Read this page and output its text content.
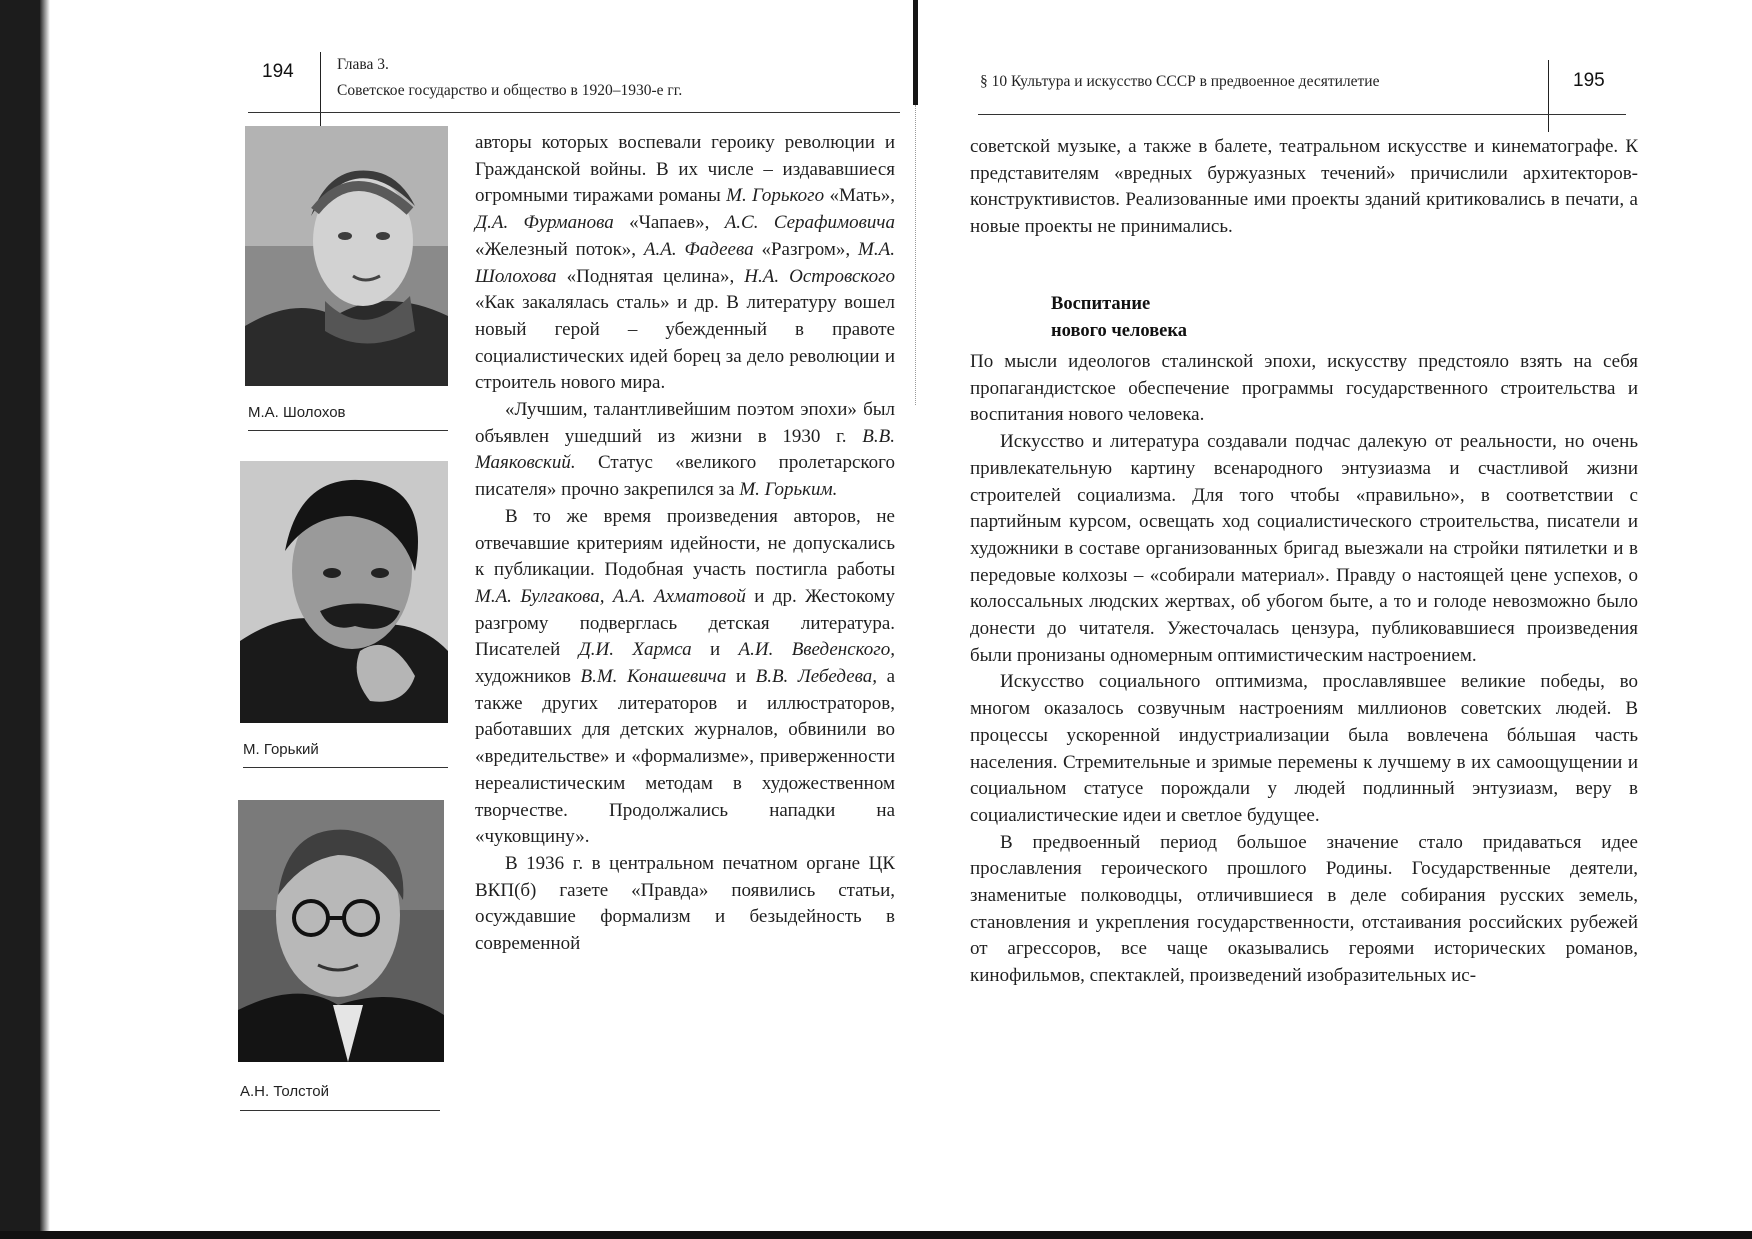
194	Глава 3.
Советское государство и общество в 1920–1930-е гг.
М.А. Шолохов
М. Горький
А.Н. Толстой

авторы которых воспевали героику революции и Гражданской войны. В их числе – издававшиеся огромными тиражами романы М. Горького «Мать», Д.А. Фурманова «Чапаев», А.С. Серафимовича «Железный поток», А.А. Фадеева «Разгром», М.А. Шолохова «Поднятая целина», Н.А. Островского «Как закалялась сталь» и др. В литературу вошел новый герой – убежденный в правоте социалистических идей борец за дело революции и строитель нового мира.

«Лучшим, талантливейшим поэтом эпохи» был объявлен ушедший из жизни в 1930 г. В.В. Маяковский. Статус «великого пролетарского писателя» прочно закрепился за М. Горьким.

В то же время произведения авторов, не отвечавшие критериям идейности, не допускались к публикации. Подобная участь постигла работы М.А. Булгакова, А.А. Ахматовой и др. Жестокому разгрому подверглась детская литература. Писателей Д.И. Хармса и А.И. Введенского, художников В.М. Конашевича и В.В. Лебедева, а также других литераторов и иллюстраторов, работавших для детских журналов, обвинили во «вредительстве» и «формализме», приверженности нереалистическим методам в художественном творчестве. Продолжались нападки на «чуковщину».

В 1936 г. в центральном печатном органе ЦК ВКП(б) газете «Правда» появились статьи, осуждавшие формализм и безыдейность в современной

§ 10 Культура и искусство СССР в предвоенное десятилетие	195

советской музыке, а также в балете, театральном искусстве и кинематографе. К представителям «вредных буржуазных течений» причислили архитекторов-конструктивистов. Реализованные ими проекты зданий критиковались в печати, а новые проекты не принимались.

Воспитание
нового человека

По мысли идеологов сталинской эпохи, искусству предстояло взять на себя пропагандистское обеспечение программы государственного строительства и воспитания нового человека.

Искусство и литература создавали подчас далекую от реальности, но очень привлекательную картину всенародного энтузиазма и счастливой жизни строителей социализма. Для того чтобы «правильно», в соответствии с партийным курсом, освещать ход социалистического строительства, писатели и художники в составе организованных бригад выезжали на стройки пятилетки и в передовые колхозы – «собирали материал». Правду о настоящей цене успехов, о колоссальных людских жертвах, об убогом быте, а то и голоде невозможно было донести до читателя. Ужесточалась цензура, публиковавшиеся произведения были пронизаны одномерным оптимистическим настроением.

Искусство социального оптимизма, прославлявшее великие победы, во многом оказалось созвучным настроениям миллионов советских людей. В процессы ускоренной индустриализации была вовлечена бóльшая часть населения. Стремительные и зримые перемены к лучшему в их самоощущении и социальном статусе порождали у людей подлинный энтузиазм, веру в социалистические идеи и светлое будущее.

В предвоенный период большое значение стало придаваться идее прославления героического прошлого Родины. Государственные деятели, знаменитые полководцы, отличившиеся в деле собирания русских земель, становления и укрепления государственности, отстаивания российских рубежей от агрессоров, все чаще оказывались героями исторических романов, кинофильмов, спектаклей, произведений изобразительных ис-
